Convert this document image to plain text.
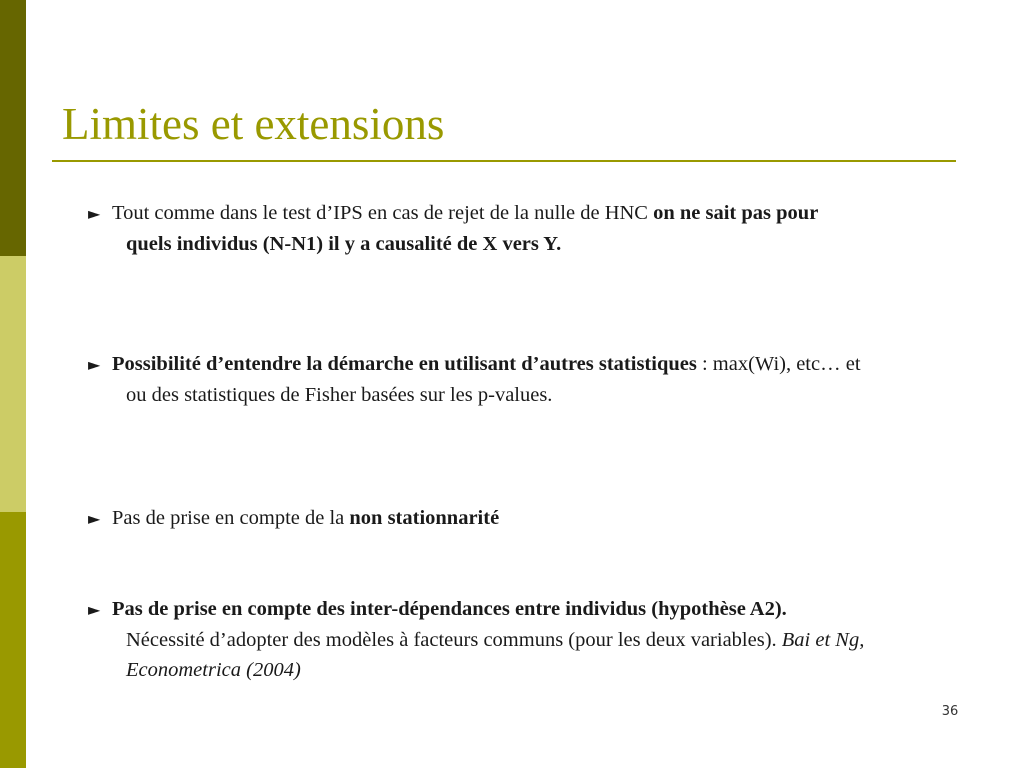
Limites et extensions
► Tout comme dans le test d’IPS en cas de rejet de la nulle de HNC on ne sait pas pour quels individus (N-N1) il y a causalité de X vers Y.
► Possibilité d’entendre la démarche en utilisant d’autres statistiques : max(Wi), etc… et ou des statistiques de Fisher basées sur les p-values.
► Pas de prise en compte de la non stationnarité
► Pas de prise en compte des inter-dépendances entre individus (hypothèse A2). Nécessité d’adopter des modèles à facteurs communs (pour les deux variables). Bai et Ng, Econometrica (2004)
36
